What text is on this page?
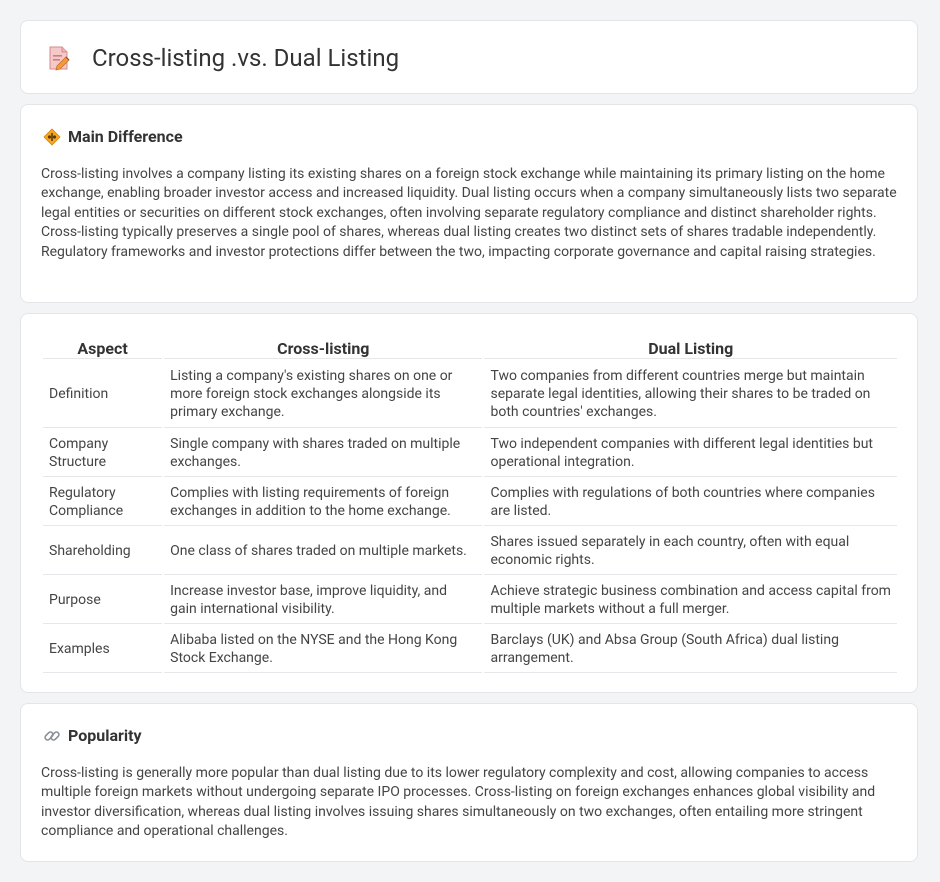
Cross-listing .vs. Dual Listing
Main Difference

Cross-listing involves a company listing its existing shares on a foreign stock exchange while maintaining its primary listing on the home exchange, enabling broader investor access and increased liquidity. Dual listing occurs when a company simultaneously lists two separate legal entities or securities on different stock exchanges, often involving separate regulatory compliance and distinct shareholder rights. Cross-listing typically preserves a single pool of shares, whereas dual listing creates two distinct sets of shares tradable independently. Regulatory frameworks and investor protections differ between the two, impacting corporate governance and capital raising strategies.

Aspect	Cross-listing	Dual Listing
Definition	Listing a company's existing shares on one or more foreign stock exchanges alongside its primary exchange.	Two companies from different countries merge but maintain separate legal identities, allowing their shares to be traded on both countries' exchanges.
Company Structure	Single company with shares traded on multiple exchanges.	Two independent companies with different legal identities but operational integration.
Regulatory Compliance	Complies with listing requirements of foreign exchanges in addition to the home exchange.	Complies with regulations of both countries where companies are listed.
Shareholding	One class of shares traded on multiple markets.	Shares issued separately in each country, often with equal economic rights.
Purpose	Increase investor base, improve liquidity, and gain international visibility.	Achieve strategic business combination and access capital from multiple markets without a full merger.
Examples	Alibaba listed on the NYSE and the Hong Kong Stock Exchange.	Barclays (UK) and Absa Group (South Africa) dual listing arrangement.
Popularity

Cross-listing is generally more popular than dual listing due to its lower regulatory complexity and cost, allowing companies to access multiple foreign markets without undergoing separate IPO processes. Cross-listing on foreign exchanges enhances global visibility and investor diversification, whereas dual listing involves issuing shares simultaneously on two exchanges, often entailing more stringent compliance and operational challenges.
